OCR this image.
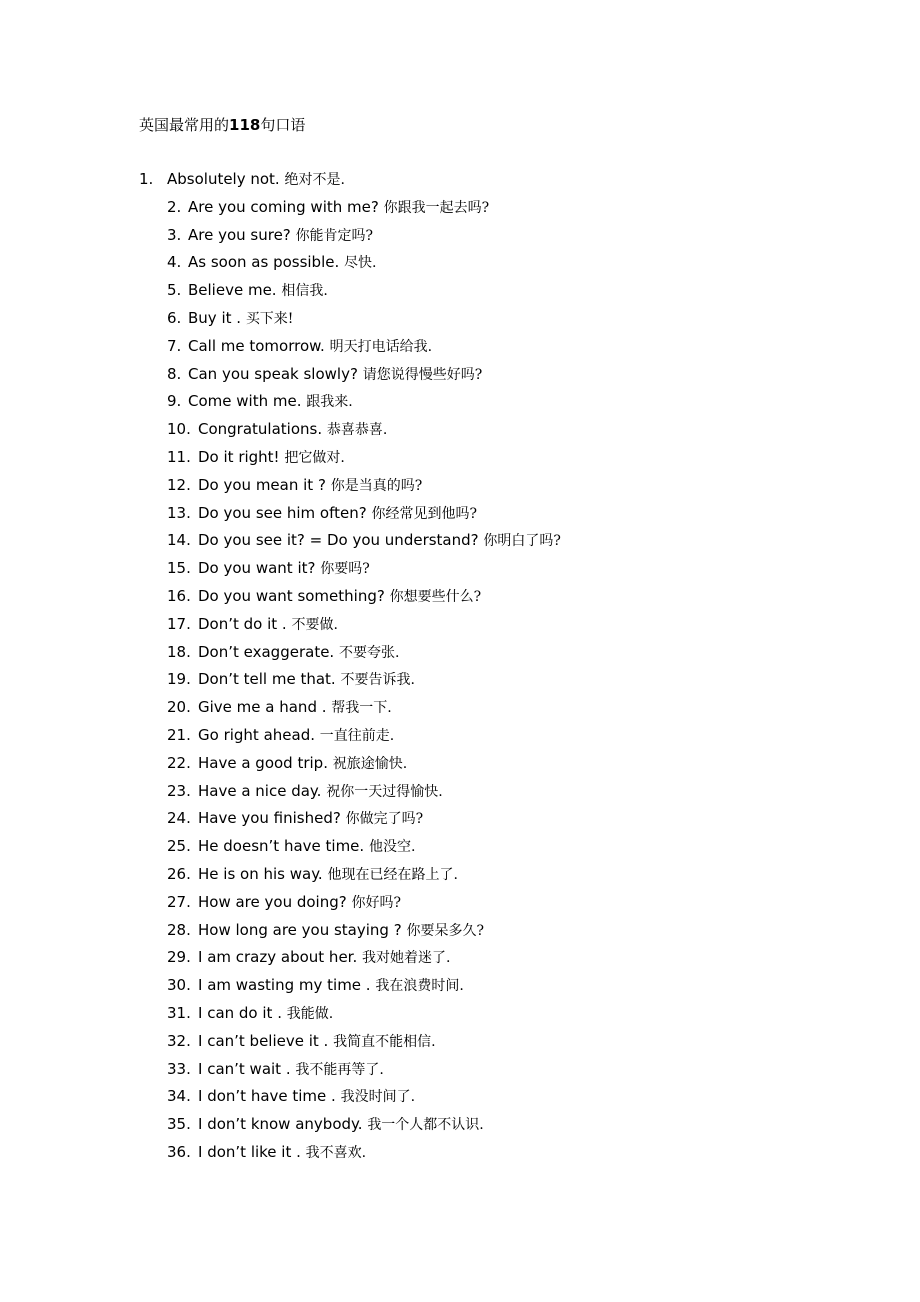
英国最常用的118句口语
1. Absolutely not. 绝对不是.
2. Are you coming with me? 你跟我一起去吗?
3. Are you sure? 你能肯定吗?
4. As soon as possible. 尽快.
5. Believe me. 相信我.
6. Buy it . 买下来!
7. Call me tomorrow. 明天打电话给我.
8. Can you speak slowly? 请您说得慢些好吗?
9. Come with me. 跟我来.
10. Congratulations. 恭喜恭喜.
11. Do it right! 把它做对.
12. Do you mean it ? 你是当真的吗?
13. Do you see him often? 你经常见到他吗?
14. Do you see it? = Do you understand? 你明白了吗?
15. Do you want it? 你要吗?
16. Do you want something? 你想要些什么?
17. Don’t do it . 不要做.
18. Don’t exaggerate. 不要夸张.
19. Don’t tell me that. 不要告诉我.
20. Give me a hand . 帮我一下.
21. Go right ahead. 一直往前走.
22. Have a good trip. 祝旅途愉快.
23. Have a nice day. 祝你一天过得愉快.
24. Have you finished? 你做完了吗?
25. He doesn’t have time. 他没空.
26. He is on his way. 他现在已经在路上了.
27. How are you doing? 你好吗?
28. How long are you staying ? 你要呆多久?
29. I am crazy about her. 我对她着迷了.
30. I am wasting my time . 我在浪费时间.
31. I can do it . 我能做.
32. I can’t believe it . 我简直不能相信.
33. I can’t wait . 我不能再等了.
34. I don’t have time . 我没时间了.
35. I don’t know anybody. 我一个人都不认识.
36. I don’t like it . 我不喜欢.
